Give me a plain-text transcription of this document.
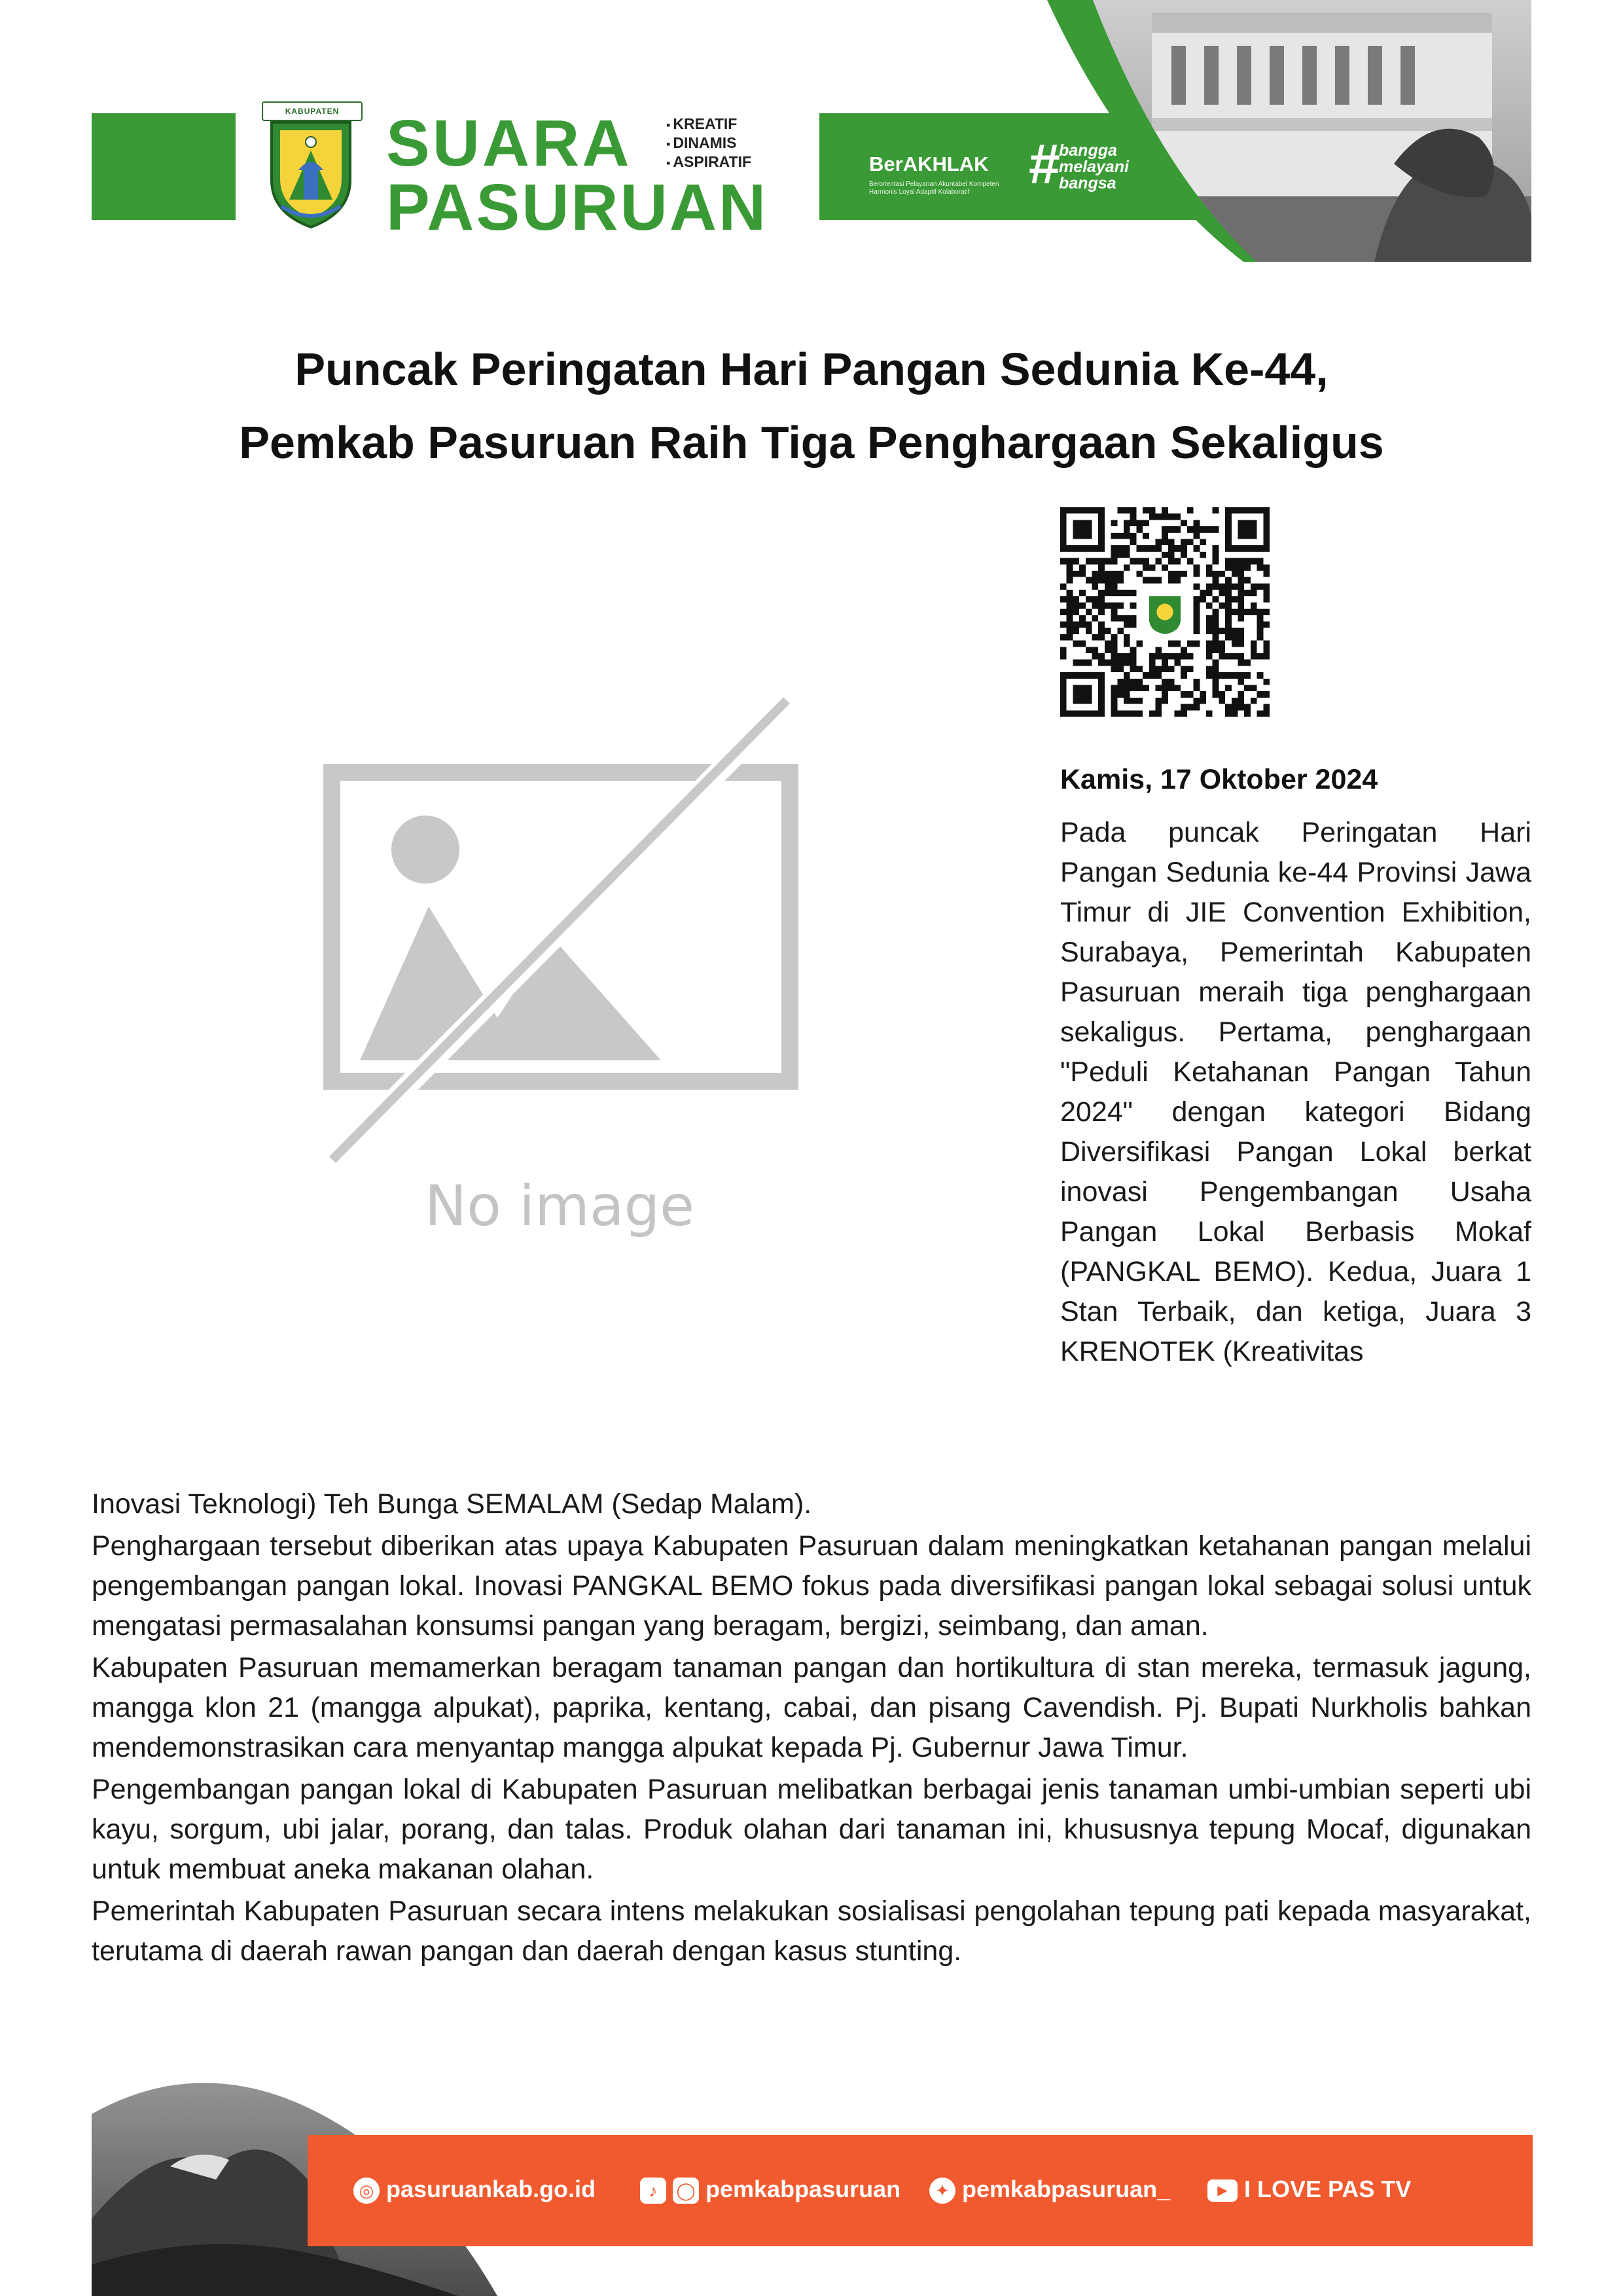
KABUPATEN SUARA
PASURUAN
▪ KREATIF
▪ DINAMIS
▪ ASPIRATIF	BerAKHLAK
Berorientasi Pelayanan Akuntabel Kompeten Harmonis Loyal Adaptif Kolaboratif	#
bangga
melayani
bangsa
Puncak Peringatan Hari Pangan Sedunia Ke-44,
Pemkab Pasuruan Raih Tiga Penghargaan Sekaligus
No image
Kamis, 17 Oktober 2024
Pada puncak Peringatan Hari Pangan Sedunia ke-44 Provinsi Jawa Timur di JIE Convention Exhibition, Surabaya, Pemerintah Kabupaten Pasuruan meraih tiga penghargaan sekaligus. Pertama, penghargaan "Peduli Ketahanan Pangan Tahun 2024" dengan kategori Bidang Diversifikasi Pangan Lokal berkat inovasi Pengembangan Usaha Pangan Lokal Berbasis Mokaf (PANGKAL BEMO). Kedua, Juara 1 Stan Terbaik, dan ketiga, Juara 3 KRENOTEK (Kreativitas

Inovasi Teknologi) Teh Bunga SEMALAM (Sedap Malam).

Penghargaan tersebut diberikan atas upaya Kabupaten Pasuruan dalam meningkatkan ketahanan pangan melalui pengembangan pangan lokal. Inovasi PANGKAL BEMO fokus pada diversifikasi pangan lokal sebagai solusi untuk mengatasi permasalahan konsumsi pangan yang beragam, bergizi, seimbang, dan aman.

Kabupaten Pasuruan memamerkan beragam tanaman pangan dan hortikultura di stan mereka, termasuk jagung, mangga klon 21 (mangga alpukat), paprika, kentang, cabai, dan pisang Cavendish. Pj. Bupati Nurkholis bahkan mendemonstrasikan cara menyantap mangga alpukat kepada Pj. Gubernur Jawa Timur.

Pengembangan pangan lokal di Kabupaten Pasuruan melibatkan berbagai jenis tanaman umbi-umbian seperti ubi kayu, sorgum, ubi jalar, porang, dan talas. Produk olahan dari tanaman ini, khususnya tepung Mocaf, digunakan untuk membuat aneka makanan olahan.

Pemerintah Kabupaten Pasuruan secara intens melakukan sosialisasi pengolahan tepung pati kepada masyarakat, terutama di daerah rawan pangan dan daerah dengan kasus stunting.

◎ pasuruankab.go.id	♪ ◯ pemkabpasuruan	✦ pemkabpasuruan_	▶ I LOVE PAS TV
